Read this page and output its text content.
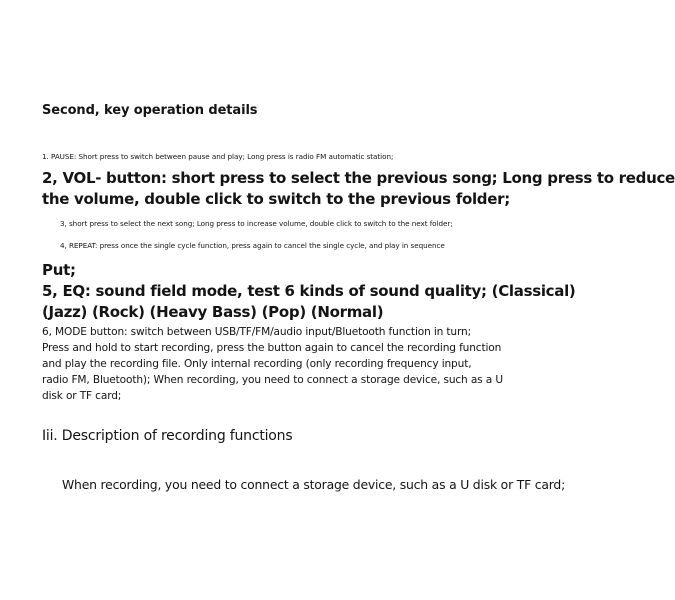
Second, key operation details

1. PAUSE: Short press to switch between pause and play; Long press is radio FM automatic station;

2, VOL- button: short press to select the previous song; Long press to reduce

the volume, double click to switch to the previous folder;

3, short press to select the next song; Long press to increase volume, double click to switch to the next folder;

4, REPEAT: press once the single cycle function, press again to cancel the single cycle, and play in sequence

Put;

5, EQ: sound field mode, test 6 kinds of sound quality; (Classical)

(Jazz) (Rock) (Heavy Bass) (Pop) (Normal)

6, MODE button: switch between USB/TF/FM/audio input/Bluetooth function in turn;

Press and hold to start recording, press the button again to cancel the recording function

and play the recording file. Only internal recording (only recording frequency input,

radio FM, Bluetooth); When recording, you need to connect a storage device, such as a U

disk or TF card;

Iii. Description of recording functions

When recording, you need to connect a storage device, such as a U disk or TF card;
